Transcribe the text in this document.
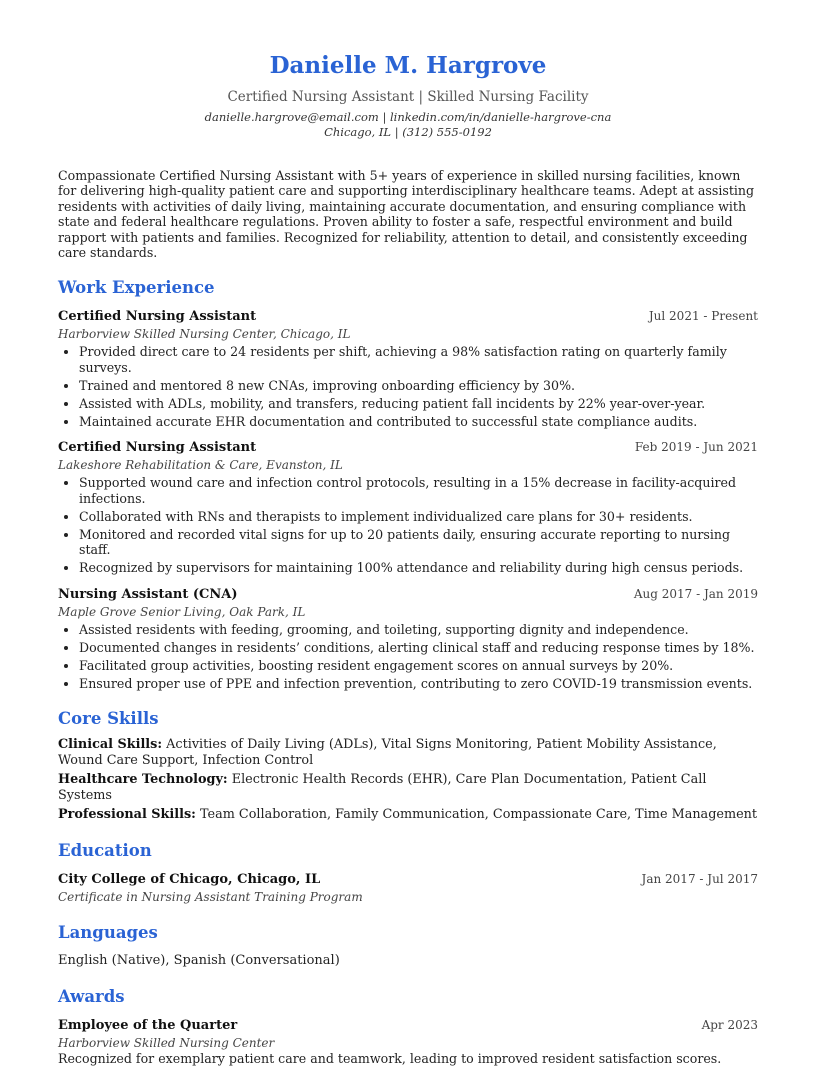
Danielle M. Hargrove
Certified Nursing Assistant | Skilled Nursing Facility
danielle.hargrove@email.com | linkedin.com/in/danielle-hargrove-cna
Chicago, IL | (312) 555-0192
Compassionate Certified Nursing Assistant with 5+ years of experience in skilled nursing facilities, known for delivering high-quality patient care and supporting interdisciplinary healthcare teams. Adept at assisting residents with activities of daily living, maintaining accurate documentation, and ensuring compliance with state and federal healthcare regulations. Proven ability to foster a safe, respectful environment and build rapport with patients and families. Recognized for reliability, attention to detail, and consistently exceeding care standards.
Work Experience
Certified Nursing Assistant	Jul 2021 - Present
Harborview Skilled Nursing Center, Chicago, IL
• Provided direct care to 24 residents per shift, achieving a 98% satisfaction rating on quarterly family surveys.
• Trained and mentored 8 new CNAs, improving onboarding efficiency by 30%.
• Assisted with ADLs, mobility, and transfers, reducing patient fall incidents by 22% year-over-year.
• Maintained accurate EHR documentation and contributed to successful state compliance audits.
Certified Nursing Assistant	Feb 2019 - Jun 2021
Lakeshore Rehabilitation & Care, Evanston, IL
• Supported wound care and infection control protocols, resulting in a 15% decrease in facility-acquired infections.
• Collaborated with RNs and therapists to implement individualized care plans for 30+ residents.
• Monitored and recorded vital signs for up to 20 patients daily, ensuring accurate reporting to nursing staff.
• Recognized by supervisors for maintaining 100% attendance and reliability during high census periods.
Nursing Assistant (CNA)	Aug 2017 - Jan 2019
Maple Grove Senior Living, Oak Park, IL
• Assisted residents with feeding, grooming, and toileting, supporting dignity and independence.
• Documented changes in residents’ conditions, alerting clinical staff and reducing response times by 18%.
• Facilitated group activities, boosting resident engagement scores on annual surveys by 20%.
• Ensured proper use of PPE and infection prevention, contributing to zero COVID-19 transmission events.
Core Skills
Clinical Skills: Activities of Daily Living (ADLs), Vital Signs Monitoring, Patient Mobility Assistance, Wound Care Support, Infection Control
Healthcare Technology: Electronic Health Records (EHR), Care Plan Documentation, Patient Call Systems
Professional Skills: Team Collaboration, Family Communication, Compassionate Care, Time Management
Education
City College of Chicago, Chicago, IL	Jan 2017 - Jul 2017
Certificate in Nursing Assistant Training Program
Languages
English (Native), Spanish (Conversational)
Awards
Employee of the Quarter	Apr 2023
Harborview Skilled Nursing Center
Recognized for exemplary patient care and teamwork, leading to improved resident satisfaction scores.
